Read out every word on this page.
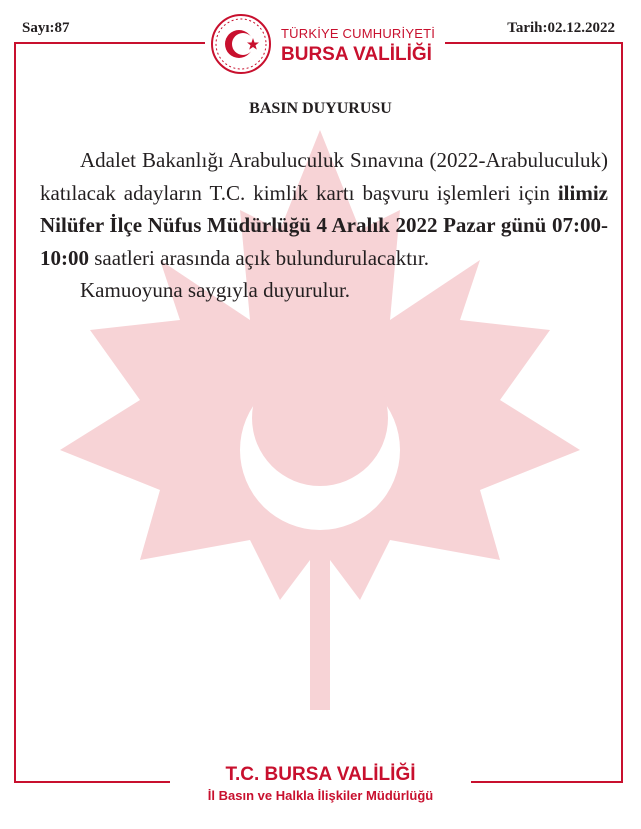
Sayı:87	Tarih:02.12.2022
TÜRKİYE CUMHURİYETİ
BURSA VALİLİĞİ
BASIN DUYURUSU

Adalet Bakanlığı Arabuluculuk Sınavına (2022-Arabuluculuk) katılacak adayların T.C. kimlik kartı başvuru işlemleri için ilimiz Nilüfer İlçe Nüfus Müdürlüğü 4 Aralık 2022 Pazar günü 07:00-10:00 saatleri arasında açık bulundurulacaktır.

Kamuoyuna saygıyla duyurulur.

T.C. BURSA VALİLİĞİ
İl Basın ve Halkla İlişkiler Müdürlüğü
